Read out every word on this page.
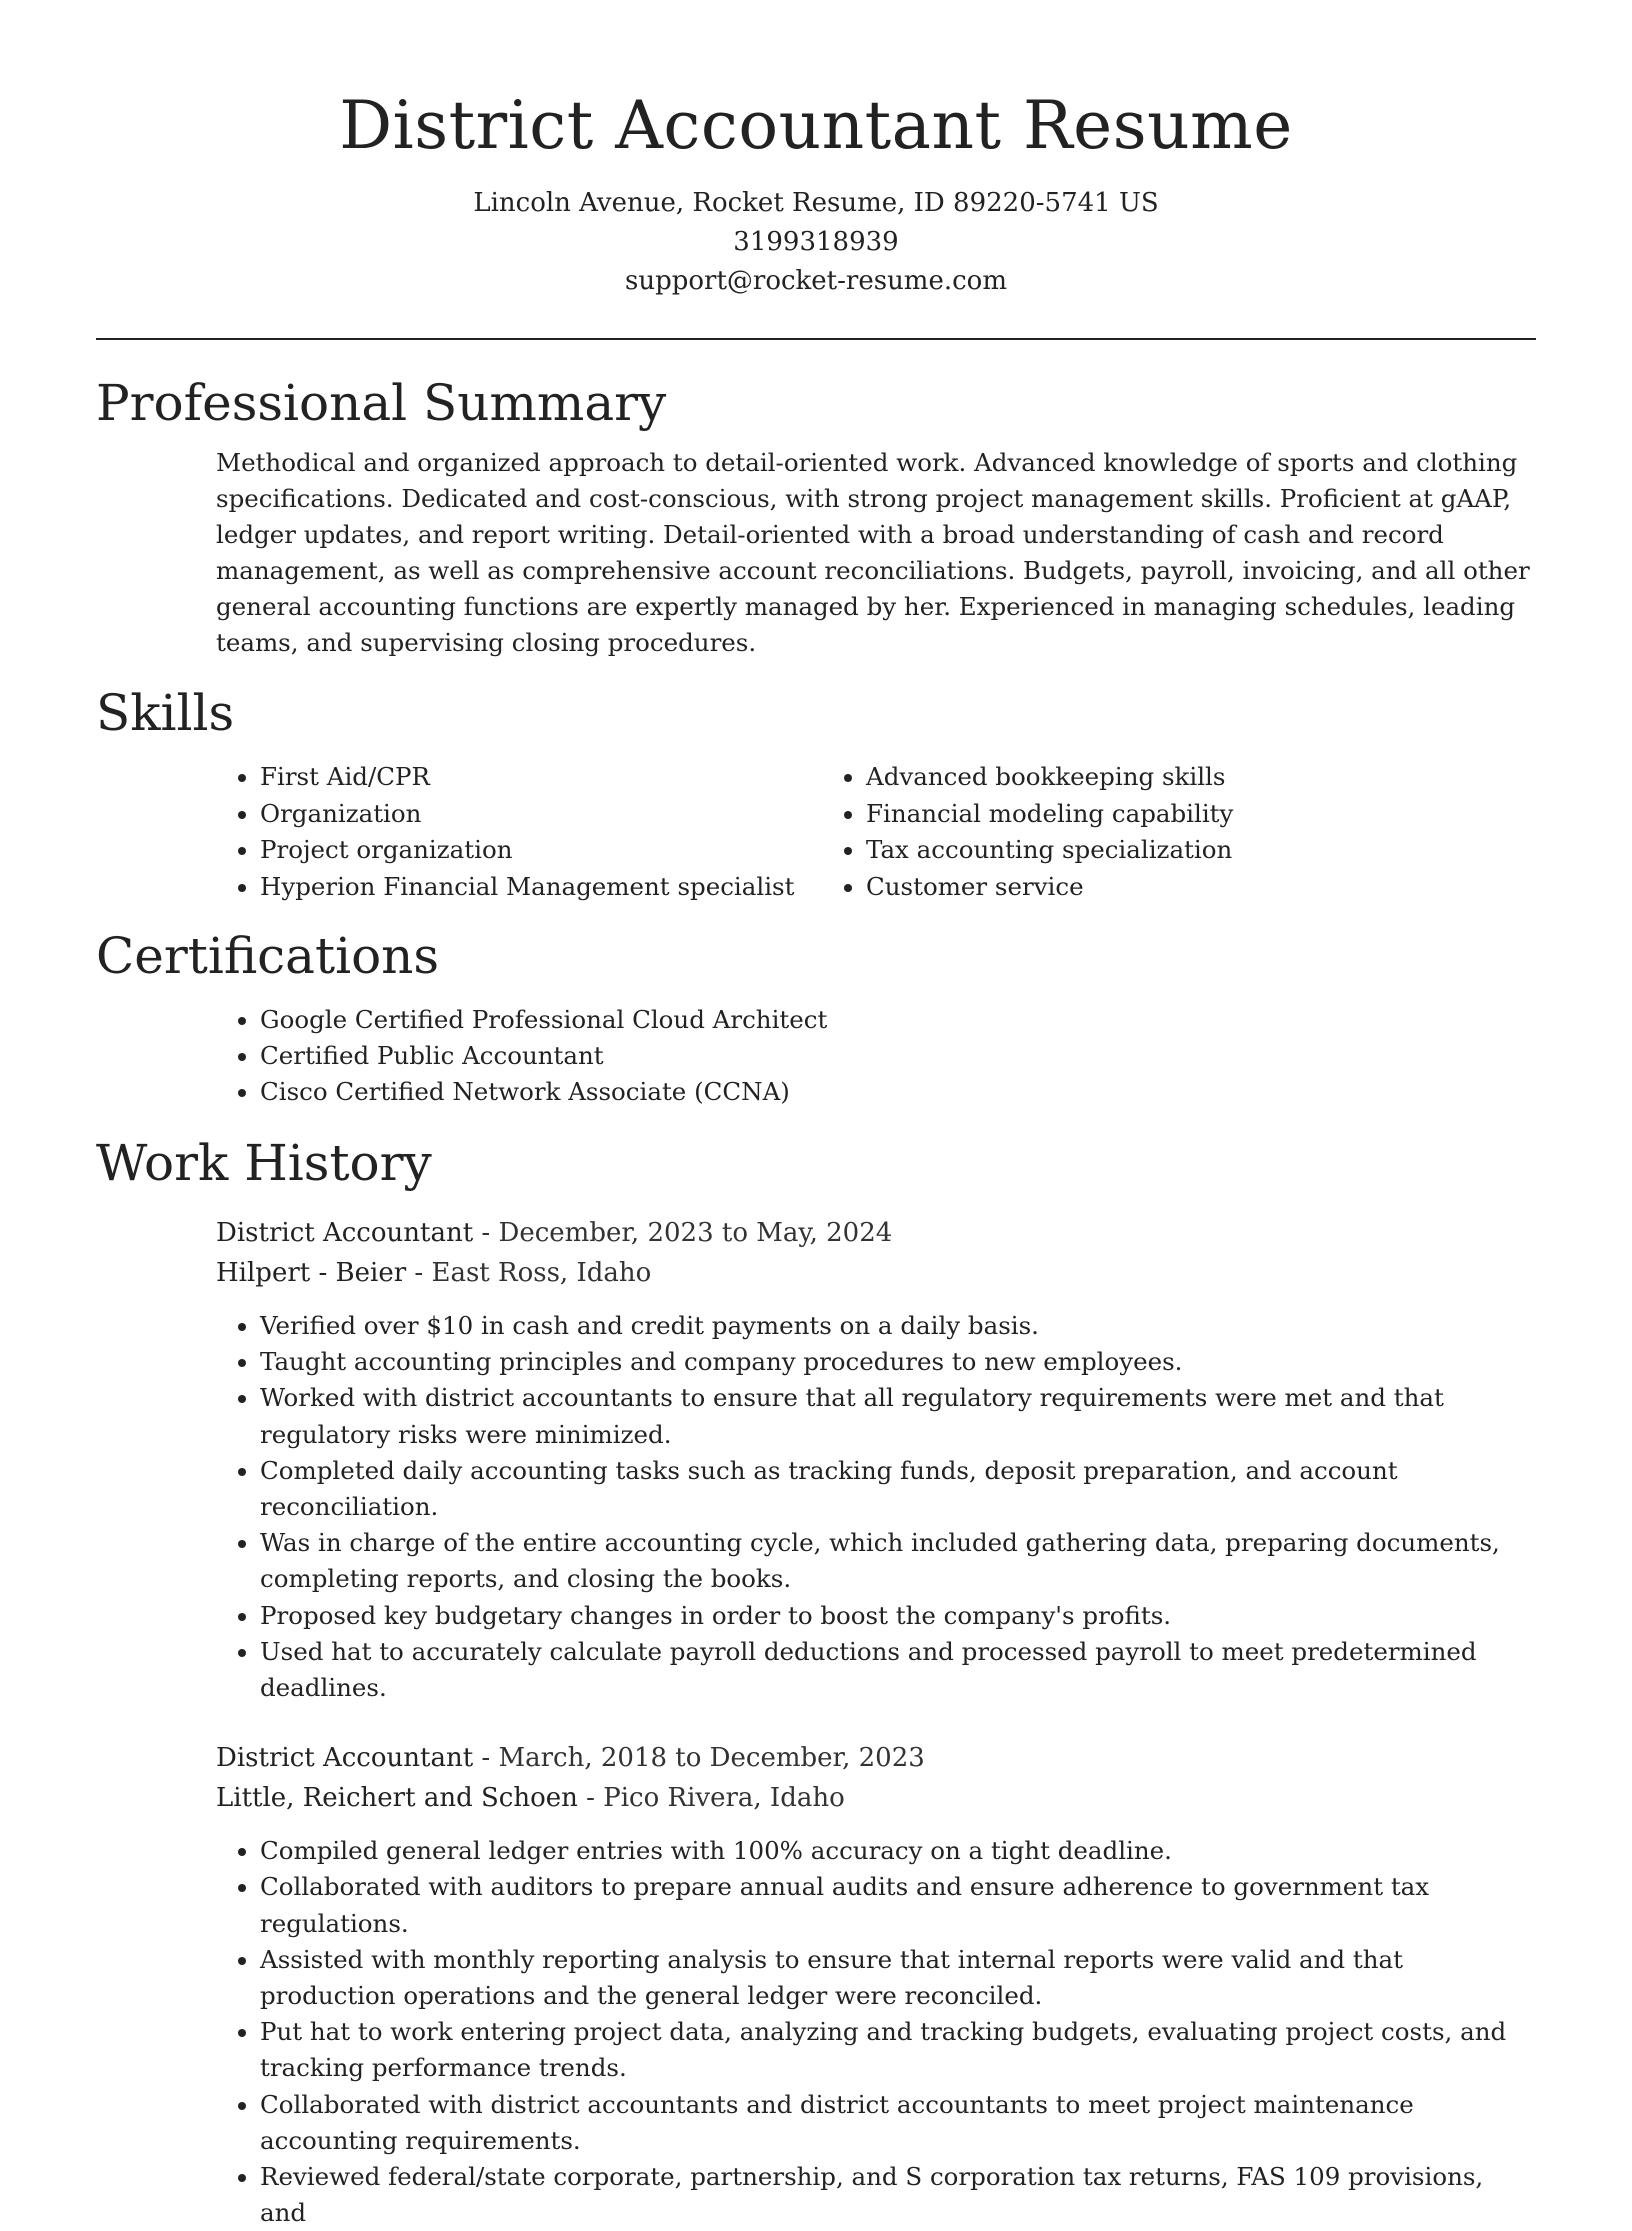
District Accountant Resume

Lincoln Avenue, Rocket Resume, ID 89220-5741 US

3199318939

support@rocket-resume.com

Professional Summary

Methodical and organized approach to detail-oriented work. Advanced knowledge of sports and clothing specifications. Dedicated and cost-conscious, with strong project management skills. Proficient at gAAP, ledger updates, and report writing. Detail-oriented with a broad understanding of cash and record management, as well as comprehensive account reconciliations. Budgets, payroll, invoicing, and all other general accounting functions are expertly managed by her. Experienced in managing schedules, leading teams, and supervising closing procedures.

Skills
• First Aid/CPR
• Organization
• Project organization
• Hyperion Financial Management specialist
• Advanced bookkeeping skills
• Financial modeling capability
• Tax accounting specialization
• Customer service
Certifications
• Google Certified Professional Cloud Architect
• Certified Public Accountant
• Cisco Certified Network Associate (CCNA)
Work History

District Accountant - December, 2023 to May, 2024

Hilpert - Beier - East Ross, Idaho

• Verified over $10 in cash and credit payments on a daily basis.
• Taught accounting principles and company procedures to new employees.
• Worked with district accountants to ensure that all regulatory requirements were met and that regulatory risks were minimized.
• Completed daily accounting tasks such as tracking funds, deposit preparation, and account reconciliation.
• Was in charge of the entire accounting cycle, which included gathering data, preparing documents, completing reports, and closing the books.
• Proposed key budgetary changes in order to boost the company's profits.
• Used hat to accurately calculate payroll deductions and processed payroll to meet predetermined deadlines.

District Accountant - March, 2018 to December, 2023

Little, Reichert and Schoen - Pico Rivera, Idaho

• Compiled general ledger entries with 100% accuracy on a tight deadline.
• Collaborated with auditors to prepare annual audits and ensure adherence to government tax regulations.
• Assisted with monthly reporting analysis to ensure that internal reports were valid and that production operations and the general ledger were reconciled.
• Put hat to work entering project data, analyzing and tracking budgets, evaluating project costs, and tracking performance trends.
• Collaborated with district accountants and district accountants to meet project maintenance accounting requirements.
• Reviewed federal/state corporate, partnership, and S corporation tax returns, FAS 109 provisions, and
